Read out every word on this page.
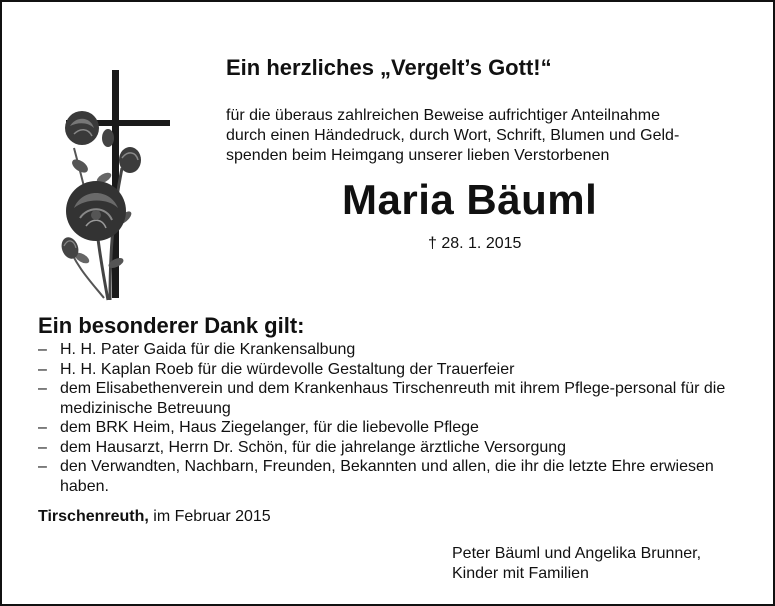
Ein herzliches „Vergelt’s Gott!“
für die überaus zahlreichen Beweise aufrichtiger Anteilnahme
durch einen Händedruck, durch Wort, Schrift, Blumen und Geld-
spenden beim Heimgang unserer lieben Verstorbenen
Maria Bäuml
† 28. 1. 2015
Ein besonderer Dank gilt:
– H. H. Pater Gaida für die Krankensalbung
– H. H. Kaplan Roeb für die würdevolle Gestaltung der Trauerfeier
– dem Elisabethenverein und dem Krankenhaus Tirschenreuth mit ihrem Pflege-personal für die medizinische Betreuung
– dem BRK Heim, Haus Ziegelanger, für die liebevolle Pflege
– dem Hausarzt, Herrn Dr. Schön, für die jahrelange ärztliche Versorgung
– den Verwandten, Nachbarn, Freunden, Bekannten und allen, die ihr die letzte Ehre erwiesen haben.
Tirschenreuth, im Februar 2015
Peter Bäuml und Angelika Brunner,
Kinder mit Familien
